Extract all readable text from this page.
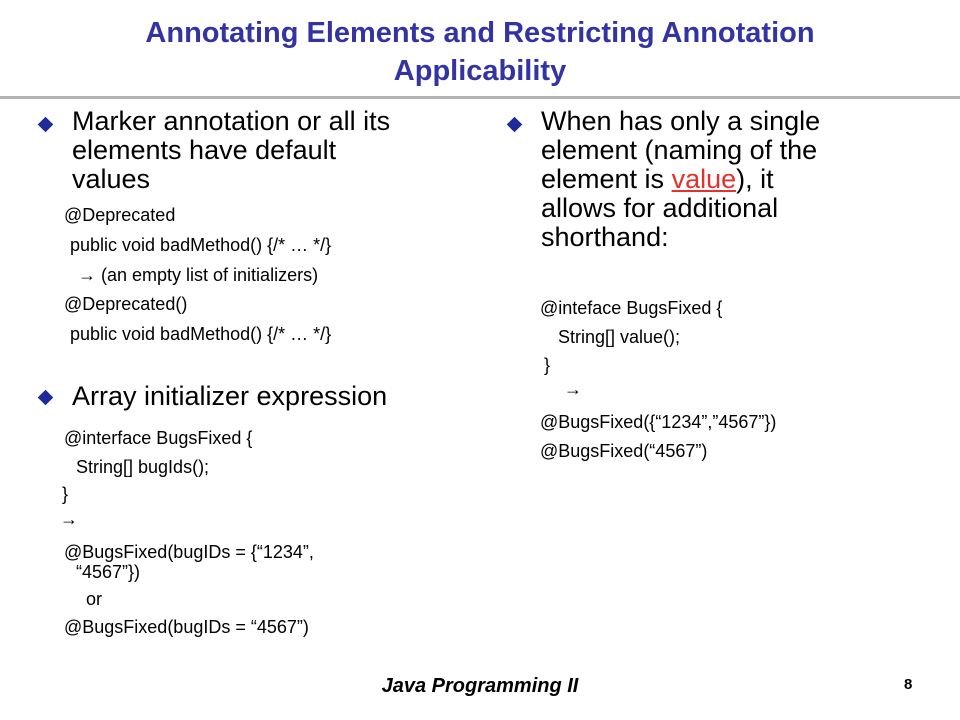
Annotating Elements and Restricting Annotation
Applicability
Marker annotation or all its
elements have default
values
@Deprecated
public void badMethod() {/* … */}
→ (an empty list of initializers)
@Deprecated()
public void badMethod() {/* … */}
Array initializer expression
@interface BugsFixed {
String[] bugIds();
}
→
@BugsFixed(bugIDs = {“1234”,
“4567”})
or
@BugsFixed(bugIDs = “4567”)
When has only a single
element (naming of the
element is value), it
allows for additional
shorthand:
@inteface BugsFixed {
String[] value();
}
→
@BugsFixed({“1234”,”4567”})
@BugsFixed(“4567”)
Java Programming II	8
